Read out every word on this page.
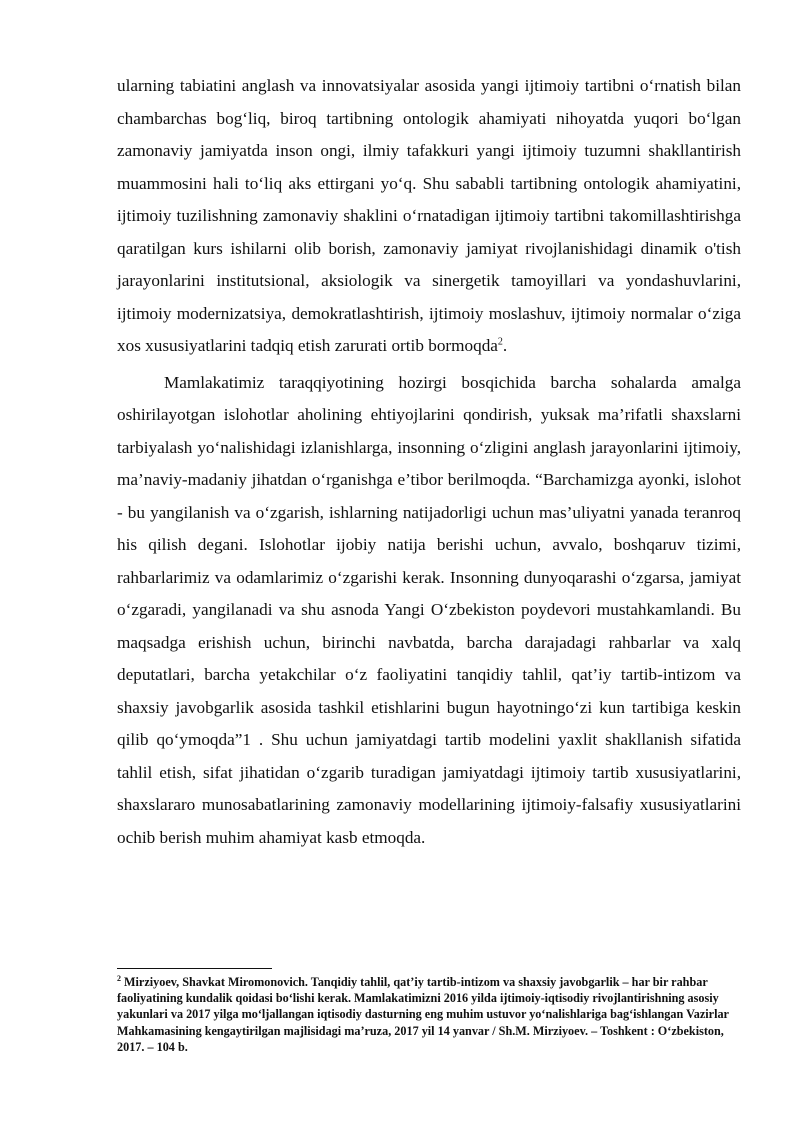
ularning tabiatini anglash va innovatsiyalar asosida yangi ijtimoiy tartibni o‘rnatish bilan chambarchas bog‘liq, biroq tartibning ontologik ahamiyati nihoyatda yuqori bo‘lgan zamonaviy jamiyatda inson ongi, ilmiy tafakkuri yangi ijtimoiy tuzumni shakllantirish muammosini hali to‘liq aks ettirgani yo‘q. Shu sababli tartibning ontologik ahamiyatini, ijtimoiy tuzilishning zamonaviy shaklini o‘rnatadigan ijtimoiy tartibni takomillashtirishga qaratilgan kurs ishilarni olib borish, zamonaviy jamiyat rivojlanishidagi dinamik o'tish jarayonlarini institutsional, aksiologik va sinergetik tamoyillari va yondashuvlarini, ijtimoiy modernizatsiya, demokratlashtirish, ijtimoiy moslashuv, ijtimoiy normalar o‘ziga xos xususiyatlarini tadqiq etish zarurati ortib bormoqda$^2$.

Mamlakatimiz taraqqiyotining hozirgi bosqichida barcha sohalarda amalga oshirilayotgan islohotlar aholining ehtiyojlarini qondirish, yuksak ma’rifatli shaxslarni tarbiyalash yo‘nalishidagi izlanishlarga, insonning o‘zligini anglash jarayonlarini ijtimoiy, ma’naviy-madaniy jihatdan o‘rganishga e’tibor berilmoqda. “Barchamizga ayonki, islohot - bu yangilanish va o‘zgarish, ishlarning natijadorligi uchun mas’uliyatni yanada teranroq his qilish degani. Islohotlar ijobiy natija berishi uchun, avvalo, boshqaruv tizimi, rahbarlarimiz va odamlarimiz o‘zgarishi kerak. Insonning dunyoqarashi o‘zgarsa, jamiyat o‘zgaradi, yangilanadi va shu asnoda Yangi O‘zbekiston poydevori mustahkamlandi. Bu maqsadga erishish uchun, birinchi navbatda, barcha darajadagi rahbarlar va xalq deputatlari, barcha yetakchilar o‘z faoliyatini tanqidiy tahlil, qat’iy tartib-intizom va shaxsiy javobgarlik asosida tashkil etishlarini bugun hayotningo‘zi kun tartibiga keskin qilib qo‘ymoqda”1 . Shu uchun jamiyatdagi tartib modelini yaxlit shakllanish sifatida tahlil etish, sifat jihatidan o‘zgarib turadigan jamiyatdagi ijtimoiy tartib xususiyatlarini, shaxslararo munosabatlarining zamonaviy modellarining ijtimoiy-falsafiy xususiyatlarini ochib berish muhim ahamiyat kasb etmoqda.

$^2$ Mirziyoev, Shavkat Miromonovich. Tanqidiy tahlil, qat’iy tartib-intizom va shaxsiy javobgarlik – har bir rahbar faoliyatining kundalik qoidasi bo‘lishi kerak. Mamlakatimizni 2016 yilda ijtimoiy-iqtisodiy rivojlantirishning asosiy yakunlari va 2017 yilga mo‘ljallangan iqtisodiy dasturning eng muhim ustuvor yo‘nalishlariga bag‘ishlangan Vazirlar Mahkamasining kengaytirilgan majlisidagi ma’ruza, 2017 yil 14 yanvar / Sh.M. Mirziyoev. – Toshkent : O‘zbekiston, 2017. – 104 b.
